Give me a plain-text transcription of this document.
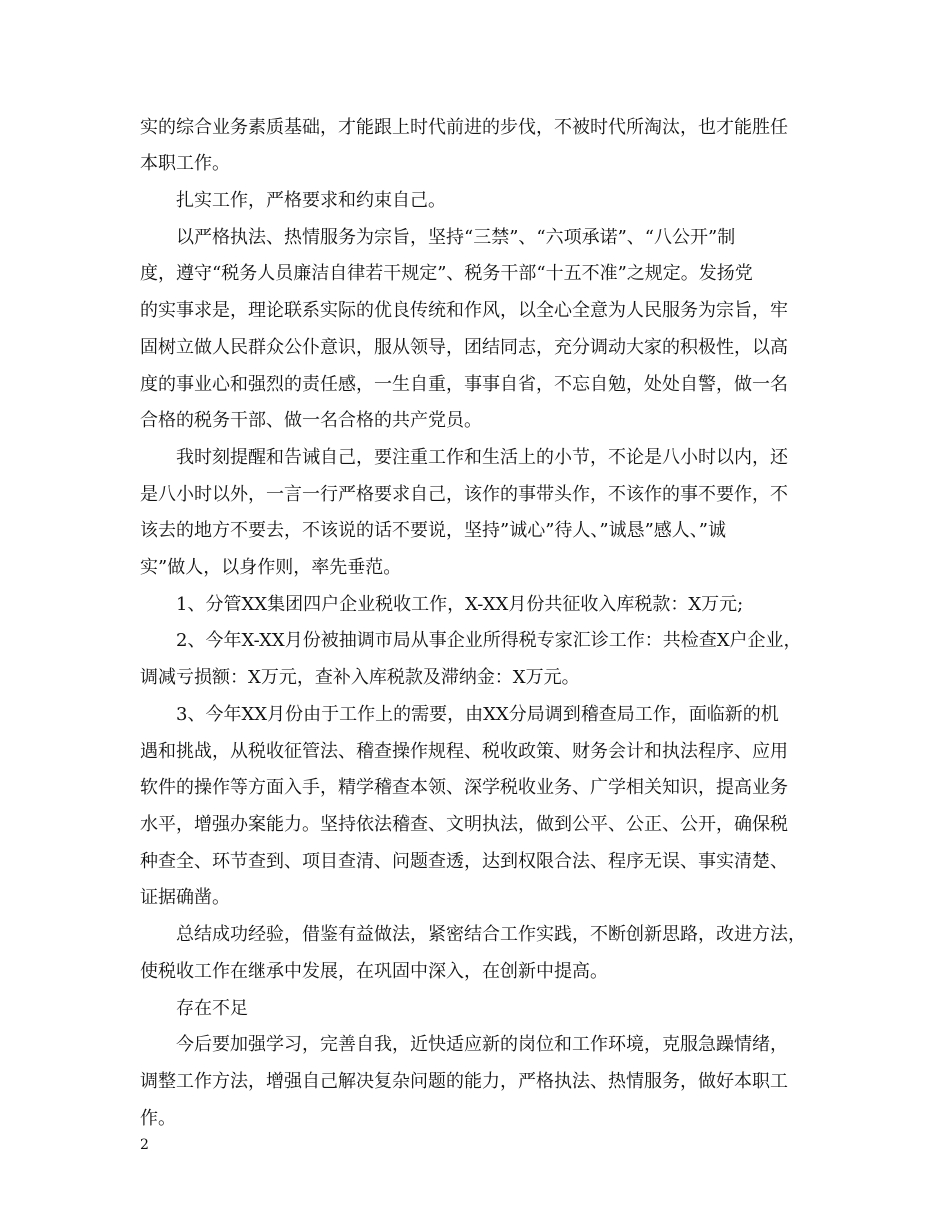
实的综合业务素质基础，才能跟上时代前进的步伐，不被时代所淘汰，也才能胜任
本职工作。
扎实工作，严格要求和约束自己。
以严格执法、热情服务为宗旨，坚持“三禁”、“六项承诺”、“八公开”制
度，遵守“税务人员廉洁自律若干规定”、税务干部“十五不准”之规定。发扬党
的实事求是，理论联系实际的优良传统和作风，以全心全意为人民服务为宗旨，牢
固树立做人民群众公仆意识，服从领导，团结同志，充分调动大家的积极性，以高
度的事业心和强烈的责任感，一生自重，事事自省，不忘自勉，处处自警，做一名
合格的税务干部、做一名合格的共产党员。
我时刻提醒和告诫自己，要注重工作和生活上的小节，不论是八小时以内，还
是八小时以外，一言一行严格要求自己，该作的事带头作，不该作的事不要作，不
该去的地方不要去，不该说的话不要说，坚持”诚心”待人、”诚恳”感人、”诚
实”做人，以身作则，率先垂范。
1、分管XX集团四户企业税收工作，X-XX月份共征收入库税款：X万元;
2、今年X-XX月份被抽调市局从事企业所得税专家汇诊工作：共检查X户企业，
调减亏损额：X万元，查补入库税款及滞纳金：X万元。
3、今年XX月份由于工作上的需要，由XX分局调到稽查局工作，面临新的机
遇和挑战，从税收征管法、稽查操作规程、税收政策、财务会计和执法程序、应用
软件的操作等方面入手，精学稽查本领、深学税收业务、广学相关知识，提高业务
水平，增强办案能力。坚持依法稽查、文明执法，做到公平、公正、公开，确保税
种查全、环节查到、项目查清、问题查透，达到权限合法、程序无误、事实清楚、
证据确凿。
总结成功经验，借鉴有益做法，紧密结合工作实践，不断创新思路，改进方法，
使税收工作在继承中发展，在巩固中深入，在创新中提高。
存在不足
今后要加强学习，完善自我，近快适应新的岗位和工作环境，克服急躁情绪，
调整工作方法，增强自己解决复杂问题的能力，严格执法、热情服务，做好本职工
作。
2
